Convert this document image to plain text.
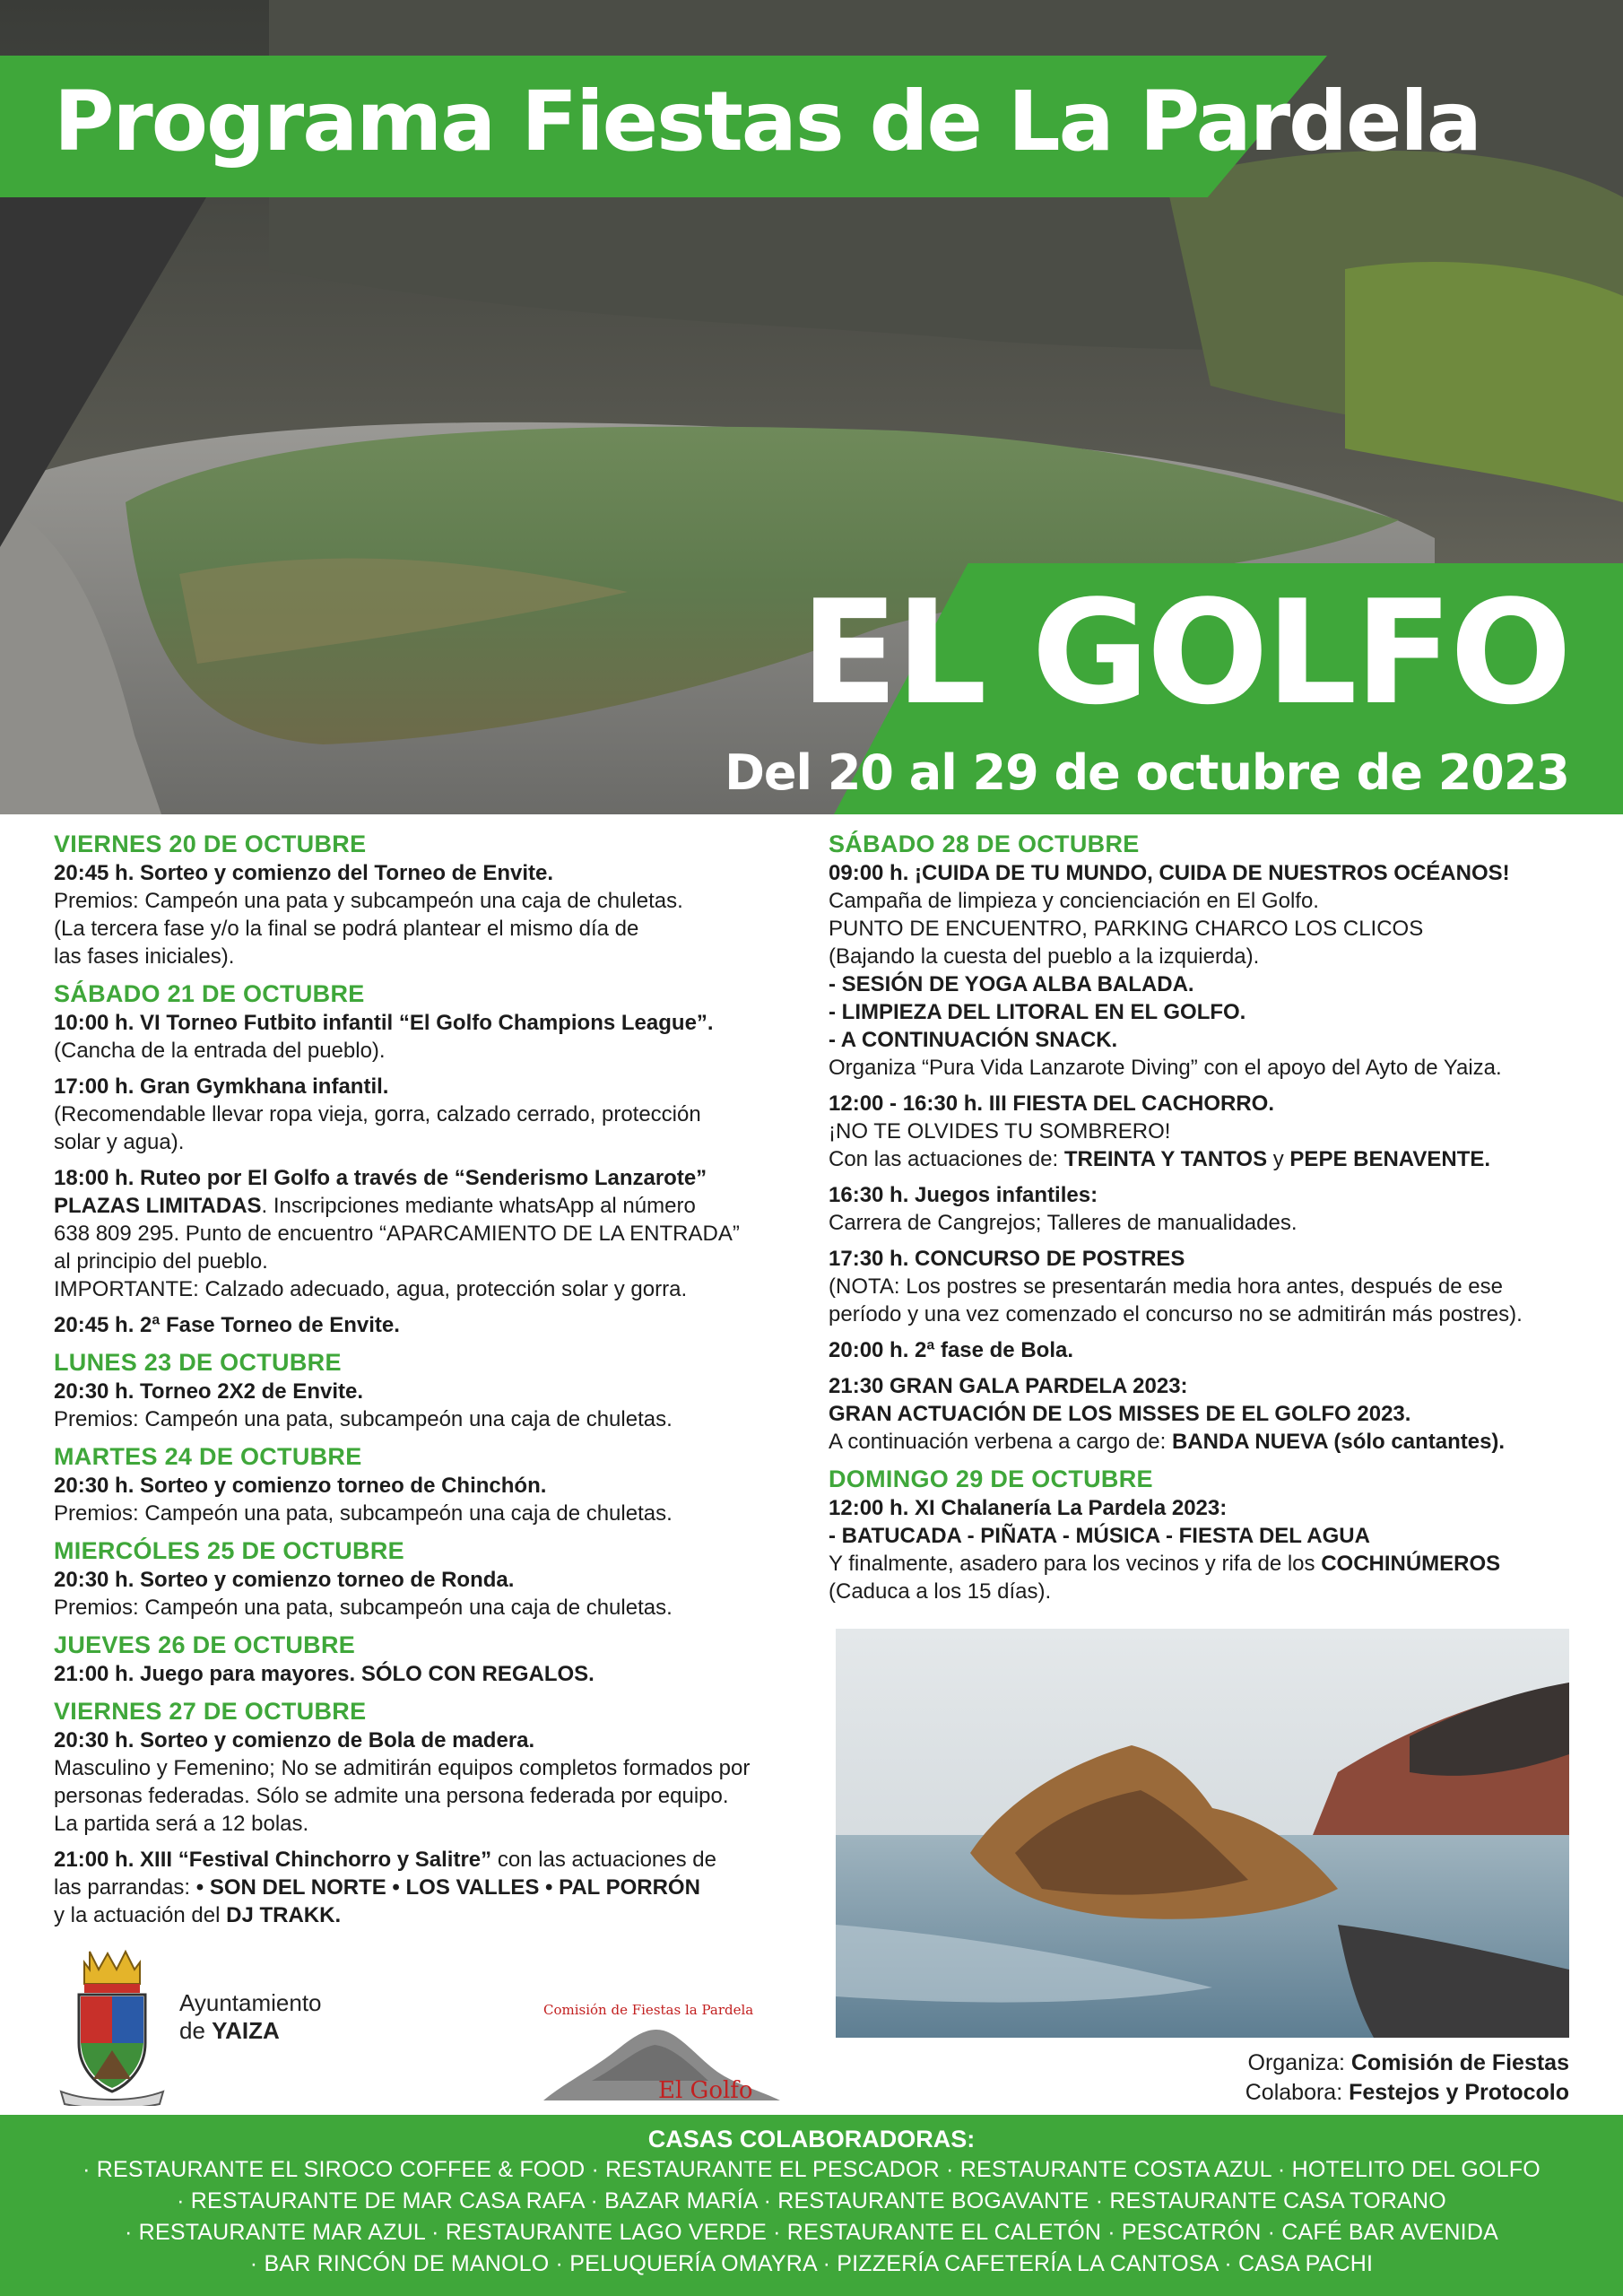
Programa Fiestas de La Pardela
EL GOLFO
Del 20 al 29 de octubre de 2023
VIERNES 20 DE OCTUBRE
20:45 h. Sorteo y comienzo del Torneo de Envite.
Premios: Campeón una pata y subcampeón una caja de chuletas.
(La tercera fase y/o la final se podrá plantear el mismo día de
las fases iniciales).
SÁBADO 21 DE OCTUBRE
10:00 h. VI Torneo Futbito infantil “El Golfo Champions League”.
(Cancha de la entrada del pueblo).
17:00 h. Gran Gymkhana infantil.
(Recomendable llevar ropa vieja, gorra, calzado cerrado, protección
solar y agua).
18:00 h. Ruteo por El Golfo a través de “Senderismo Lanzarote”
PLAZAS LIMITADAS. Inscripciones mediante whatsApp al número
638 809 295. Punto de encuentro “APARCAMIENTO DE LA ENTRADA”
al principio del pueblo.
IMPORTANTE: Calzado adecuado, agua, protección solar y gorra.
20:45 h. 2ª Fase Torneo de Envite.
LUNES 23 DE OCTUBRE
20:30 h. Torneo 2X2 de Envite.
Premios: Campeón una pata, subcampeón una caja de chuletas.
MARTES 24 DE OCTUBRE
20:30 h. Sorteo y comienzo torneo de Chinchón.
Premios: Campeón una pata, subcampeón una caja de chuletas.
MIERCÓLES 25 DE OCTUBRE
20:30 h. Sorteo y comienzo torneo de Ronda.
Premios: Campeón una pata, subcampeón una caja de chuletas.
JUEVES 26 DE OCTUBRE
21:00 h. Juego para mayores. SÓLO CON REGALOS.
VIERNES 27 DE OCTUBRE
20:30 h. Sorteo y comienzo de Bola de madera.
Masculino y Femenino; No se admitirán equipos completos formados por
personas federadas. Sólo se admite una persona federada por equipo.
La partida será a 12 bolas.
21:00 h. XIII “Festival Chinchorro y Salitre” con las actuaciones de
las parrandas: • SON DEL NORTE • LOS VALLES • PAL PORRÓN
y la actuación del DJ TRAKK.
SÁBADO 28 DE OCTUBRE
09:00 h. ¡CUIDA DE TU MUNDO, CUIDA DE NUESTROS OCÉANOS!
Campaña de limpieza y concienciación en El Golfo.
PUNTO DE ENCUENTRO, PARKING CHARCO LOS CLICOS
(Bajando la cuesta del pueblo a la izquierda).
- SESIÓN DE YOGA ALBA BALADA.
- LIMPIEZA DEL LITORAL EN EL GOLFO.
- A CONTINUACIÓN SNACK.
Organiza “Pura Vida Lanzarote Diving” con el apoyo del Ayto de Yaiza.
12:00 - 16:30 h. III FIESTA DEL CACHORRO.
¡NO TE OLVIDES TU SOMBRERO!
Con las actuaciones de: TREINTA Y TANTOS y PEPE BENAVENTE.
16:30 h. Juegos infantiles:
Carrera de Cangrejos; Talleres de manualidades.
17:30 h. CONCURSO DE POSTRES
(NOTA: Los postres se presentarán media hora antes, después de ese
período y una vez comenzado el concurso no se admitirán más postres).
20:00 h. 2ª fase de Bola.
21:30 GRAN GALA PARDELA 2023:
GRAN ACTUACIÓN DE LOS MISSES DE EL GOLFO 2023.
A continuación verbena a cargo de: BANDA NUEVA (sólo cantantes).
DOMINGO 29 DE OCTUBRE
12:00 h. XI Chalanería La Pardela 2023:
- BATUCADA - PIÑATA - MÚSICA - FIESTA DEL AGUA
Y finalmente, asadero para los vecinos y rifa de los COCHINÚMEROS
(Caduca a los 15 días).
Organiza: Comisión de Fiestas
Colabora: Festejos y Protocolo
Ayuntamiento
de YAIZA
Comisión de Fiestas la Pardela
El Golfo
CASAS COLABORADORAS:
· RESTAURANTE EL SIROCO COFFEE & FOOD · RESTAURANTE EL PESCADOR · RESTAURANTE COSTA AZUL · HOTELITO DEL GOLFO
· RESTAURANTE DE MAR CASA RAFA · BAZAR MARÍA · RESTAURANTE BOGAVANTE · RESTAURANTE CASA TORANO
· RESTAURANTE MAR AZUL · RESTAURANTE LAGO VERDE · RESTAURANTE EL CALETÓN · PESCATRÓN · CAFÉ BAR AVENIDA
· BAR RINCÓN DE MANOLO · PELUQUERÍA OMAYRA · PIZZERÍA CAFETERÍA LA CANTOSA · CASA PACHI
